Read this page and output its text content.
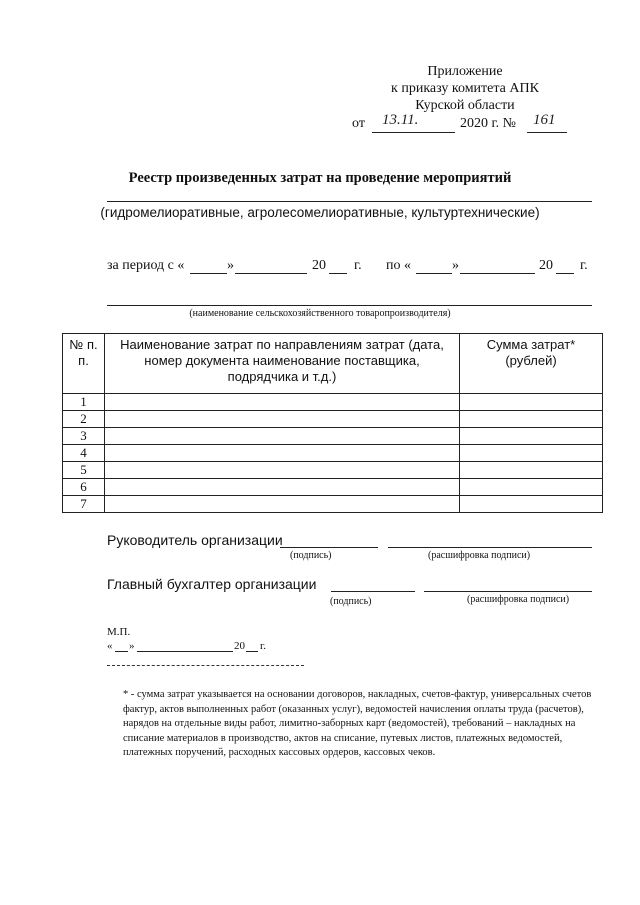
Приложение
к приказу комитета АПК
Курской области
от 13.11.	2020 г. № 161
Реестр произведенных затрат на проведение мероприятий
(гидромелиоративные, агролесомелиоративные, культуртехнические)
за период с «	»	20 г. по «	»	20 г.
(наименование сельскохозяйственного товаропроизводителя)
№ п. п.	Наименование затрат по направлениям затрат (дата, номер документа наименование поставщика, подрядчика и т.д.)	Сумма затрат* (рублей)
1		
2		
3		
4		
5		
6		
7		
Руководитель организации
(подпись)	(расшифровка подписи)
Главный бухгалтер организации
(подпись)	(расшифровка подписи)
М.П.
« »	20 г.
* - сумма затрат указывается на основании договоров, накладных, счетов-фактур, универсальных счетов фактур, актов выполненных работ (оказанных услуг), ведомостей начисления оплаты труда (расчетов), нарядов на отдельные виды работ, лимитно-заборных карт (ведомостей), требований – накладных на списание материалов в производство, актов на списание, путевых листов, платежных ведомостей, платежных поручений, расходных кассовых ордеров, кассовых чеков.
